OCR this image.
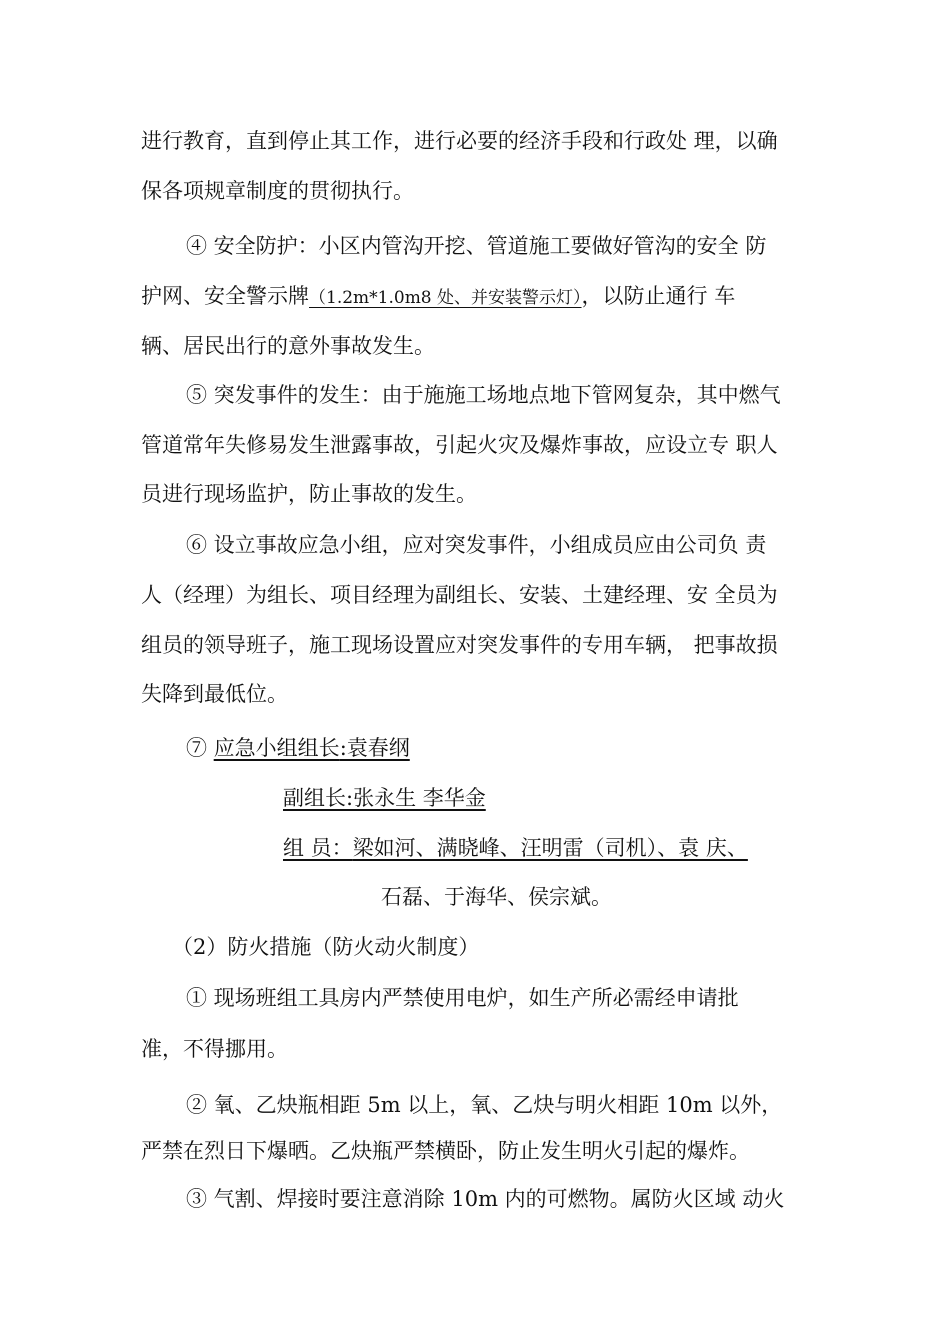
进行教育，直到停止其工作，进行必要的经济手段和行政处 理，以确
保各项规章制度的贯彻执行。
④ 安全防护：小区内管沟开挖、管道施工要做好管沟的安全 防
护网、安全警示牌（1.2m*1.0m8 处、并安装警示灯），以防止通行 车
辆、居民出行的意外事故发生。
⑤ 突发事件的发生：由于施施工场地点地下管网复杂，其中燃气
管道常年失修易发生泄露事故，引起火灾及爆炸事故，应设立专 职人
员进行现场监护，防止事故的发生。
⑥ 设立事故应急小组，应对突发事件，小组成员应由公司负 责
人（经理）为组长、项目经理为副组长、安装、土建经理、安 全员为
组员的领导班子，施工现场设置应对突发事件的专用车辆， 把事故损
失降到最低位。
⑦ 应急小组组长:袁春纲
副组长:张永生 李华金
组 员：梁如河、满晓峰、汪明雷（司机）、袁 庆、
石磊、于海华、侯宗斌。
（2）防火措施（防火动火制度）
① 现场班组工具房内严禁使用电炉，如生产所必需经申请批
准，不得挪用。
② 氧、乙炔瓶相距 5m 以上，氧、乙炔与明火相距 10m 以外，
严禁在烈日下爆晒。乙炔瓶严禁横卧，防止发生明火引起的爆炸。
③ 气割、焊接时要注意消除 10m 内的可燃物。属防火区域 动火
